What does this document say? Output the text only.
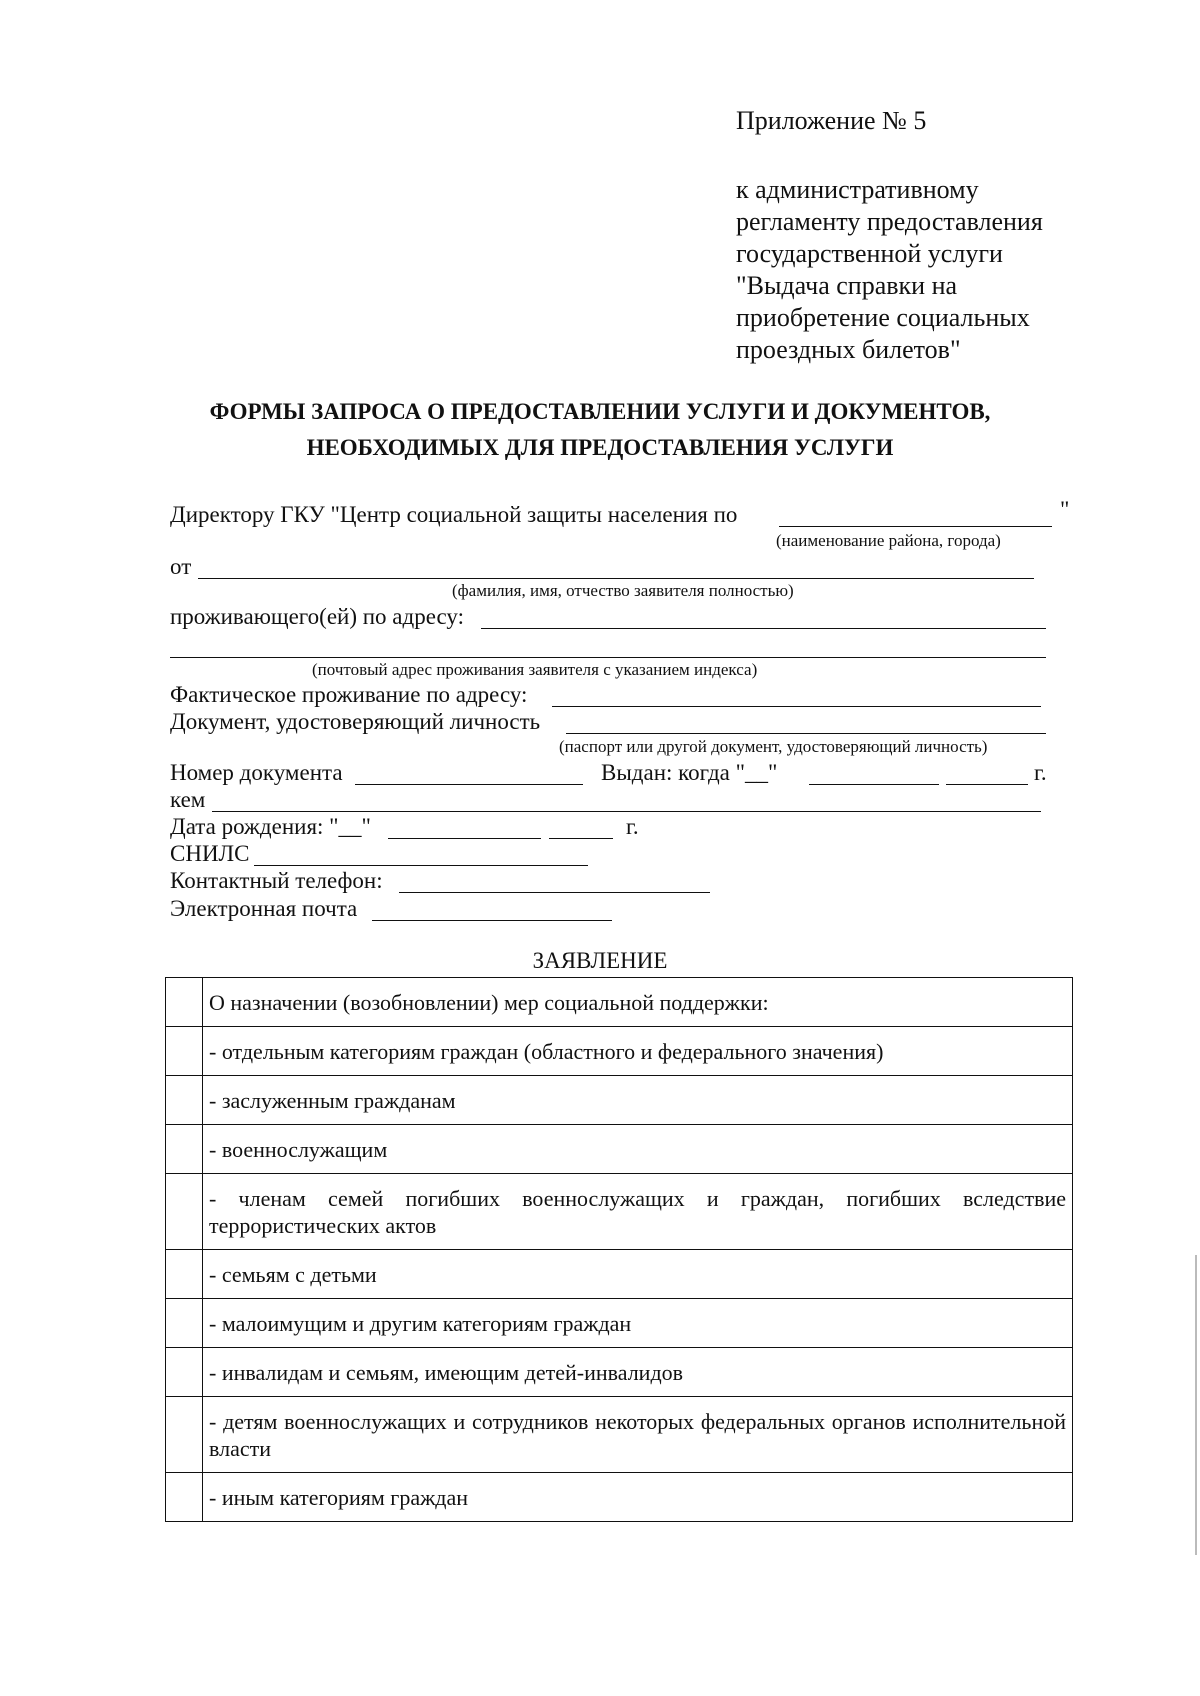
Приложение № 5
к административному
регламенту предоставления
государственной услуги
"Выдача справки на
приобретение социальных
проездных билетов"
ФОРМЫ ЗАПРОСА О ПРЕДОСТАВЛЕНИИ УСЛУГИ И ДОКУМЕНТОВ,
НЕОБХОДИМЫХ ДЛЯ ПРЕДОСТАВЛЕНИЯ УСЛУГИ
Директору ГКУ "Центр социальной защиты населения по	"
(наименование района, города)
от
(фамилия, имя, отчество заявителя полностью)
проживающего(ей) по адресу:
(почтовый адрес проживания заявителя с указанием индекса)
Фактическое проживание по адресу:
Документ, удостоверяющий личность
(паспорт или другой документ, удостоверяющий личность)
Номер документа	Выдан: когда "__"	г.
кем
Дата рождения: "__"	г.
СНИЛС
Контактный телефон:
Электронная почта
ЗАЯВЛЕНИЕ
	О назначении (возобновлении) мер социальной поддержки:
	- отдельным категориям граждан (областного и федерального значения)
	- заслуженным гражданам
	- военнослужащим
	- членам семей погибших военнослужащих и граждан, погибших вследствие террористических актов
	- семьям с детьми
	- малоимущим и другим категориям граждан
	- инвалидам и семьям, имеющим детей-инвалидов
	- детям военнослужащих и сотрудников некоторых федеральных органов исполнительной власти
	- иным категориям граждан
